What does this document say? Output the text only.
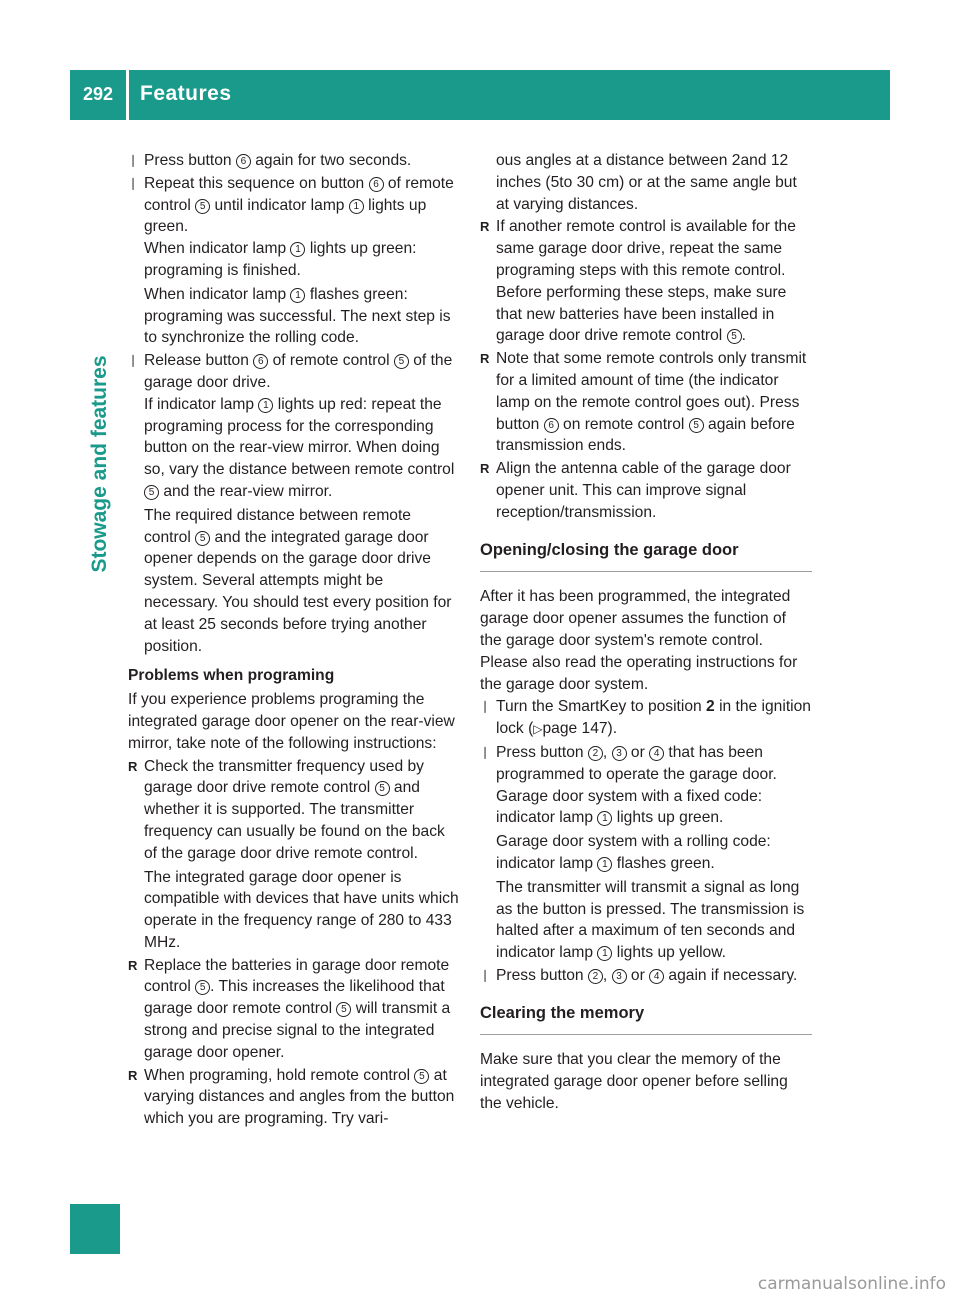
292	Features
Stowage and features
❘ Press button 6 again for two seconds.
❘ Repeat this sequence on button 6 of remote control 5 until indicator lamp 1 lights up green.
When indicator lamp 1 lights up green: programing is finished.
When indicator lamp 1 flashes green: programing was successful. The next step is to synchronize the rolling code.
❘ Release button 6 of remote control 5 of the garage door drive.
If indicator lamp 1 lights up red: repeat the programing process for the corresponding button on the rear-view mirror. When doing so, vary the distance between remote control 5 and the rear-view mirror.
The required distance between remote control 5 and the integrated garage door opener depends on the garage door drive system. Several attempts might be necessary. You should test every position for at least 25 seconds before trying another position.
Problems when programing
If you experience problems programing the integrated garage door opener on the rear-view mirror, take note of the following instructions:
R Check the transmitter frequency used by garage door drive remote control 5 and whether it is supported. The transmitter frequency can usually be found on the back of the garage door drive remote control.
The integrated garage door opener is compatible with devices that have units which operate in the frequency range of 280 to 433 MHz.
R Replace the batteries in garage door remote control 5 . This increases the likelihood that garage door remote control 5 will transmit a strong and precise signal to the integrated garage door opener.
R When programing, hold remote control 5 at varying distances and angles from the button which you are programing. Try vari-
ous angles at a distance between 2and 12 inches (5to 30 cm) or at the same angle but at varying distances.
R If another remote control is available for the same garage door drive, repeat the same programing steps with this remote control. Before performing these steps, make sure that new batteries have been installed in garage door drive remote control 5 .
R Note that some remote controls only transmit for a limited amount of time (the indicator lamp on the remote control goes out). Press button 6 on remote control 5 again before transmission ends.
R Align the antenna cable of the garage door opener unit. This can improve signal reception/transmission.
Opening/closing the garage door
After it has been programmed, the integrated garage door opener assumes the function of the garage door system's remote control. Please also read the operating instructions for the garage door system.
❘ Turn the SmartKey to position 2 in the ignition lock (▷page 147).
❘ Press button 2 , 3 or 4 that has been programmed to operate the garage door.
Garage door system with a fixed code: indicator lamp 1 lights up green.
Garage door system with a rolling code: indicator lamp 1 flashes green.
The transmitter will transmit a signal as long as the button is pressed. The transmission is halted after a maximum of ten seconds and indicator lamp 1 lights up yellow.
❘ Press button 2 , 3 or 4 again if necessary.
Clearing the memory
Make sure that you clear the memory of the integrated garage door opener before selling the vehicle.
carmanualsonline.info
